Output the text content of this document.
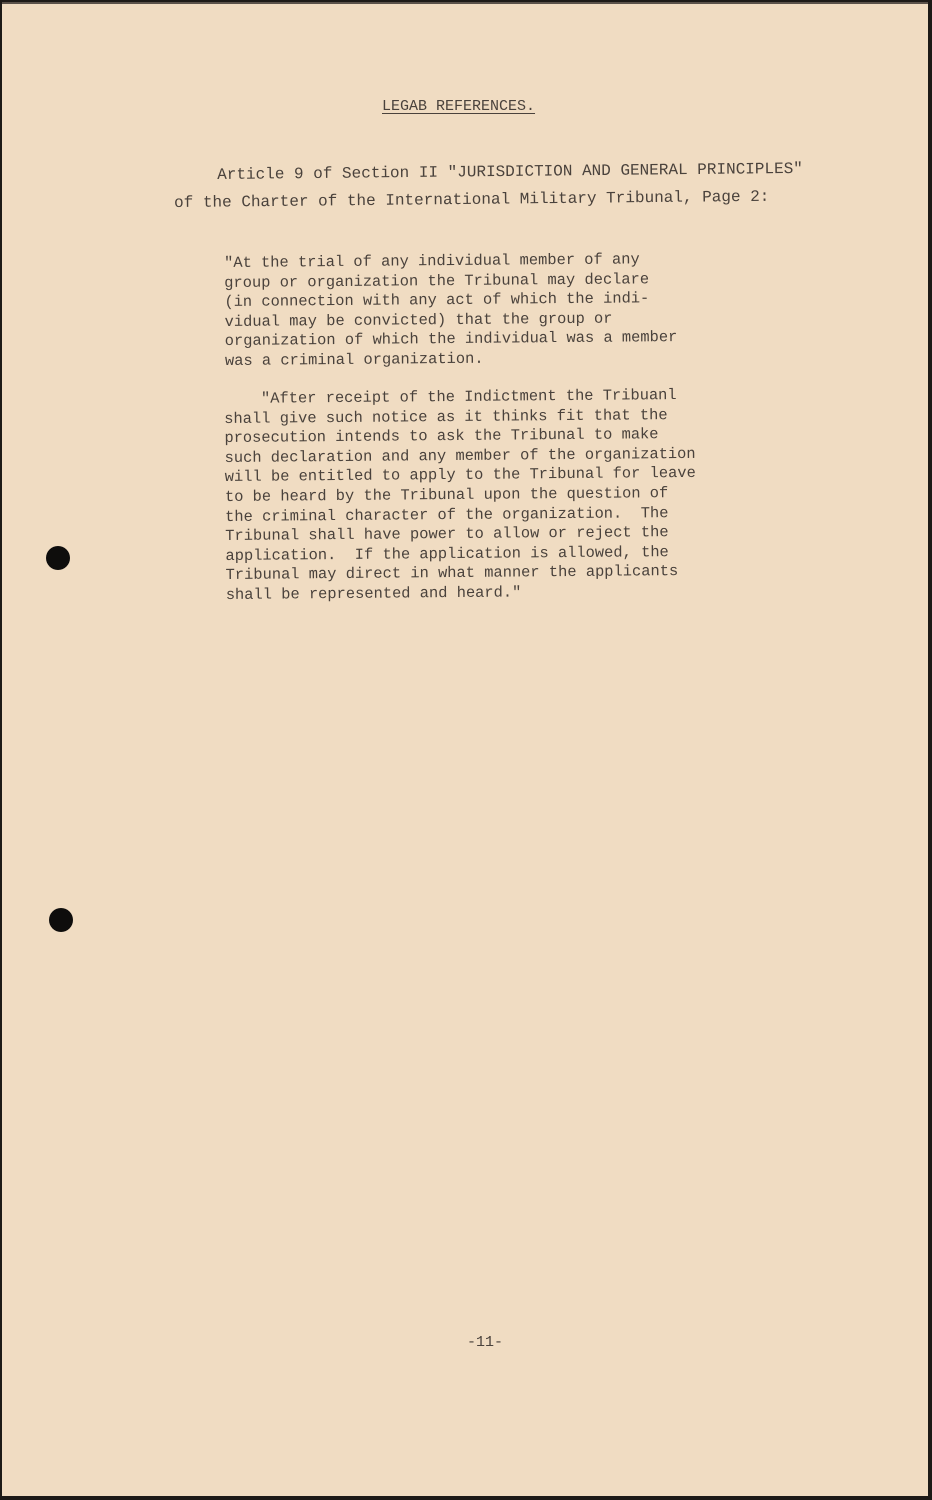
LEGAB REFERENCES.

Article 9 of Section II "JURISDICTION AND GENERAL PRINCIPLES"

of the Charter of the International Military Tribunal, Page 2:

"At the trial of any individual member of any
group or organization the Tribunal may declare
(in connection with any act of which the indi-
vidual may be convicted) that the group or
organization of which the individual was a member
was a criminal organization.

"After receipt of the Indictment the Tribuanl
shall give such notice as it thinks fit that the
prosecution intends to ask the Tribunal to make
such declaration and any member of the organization
will be entitled to apply to the Tribunal for leave
to be heard by the Tribunal upon the question of
the criminal character of the organization.  The
Tribunal shall have power to allow or reject the
application.  If the application is allowed, the
Tribunal may direct in what manner the applicants
shall be represented and heard."

-11-
